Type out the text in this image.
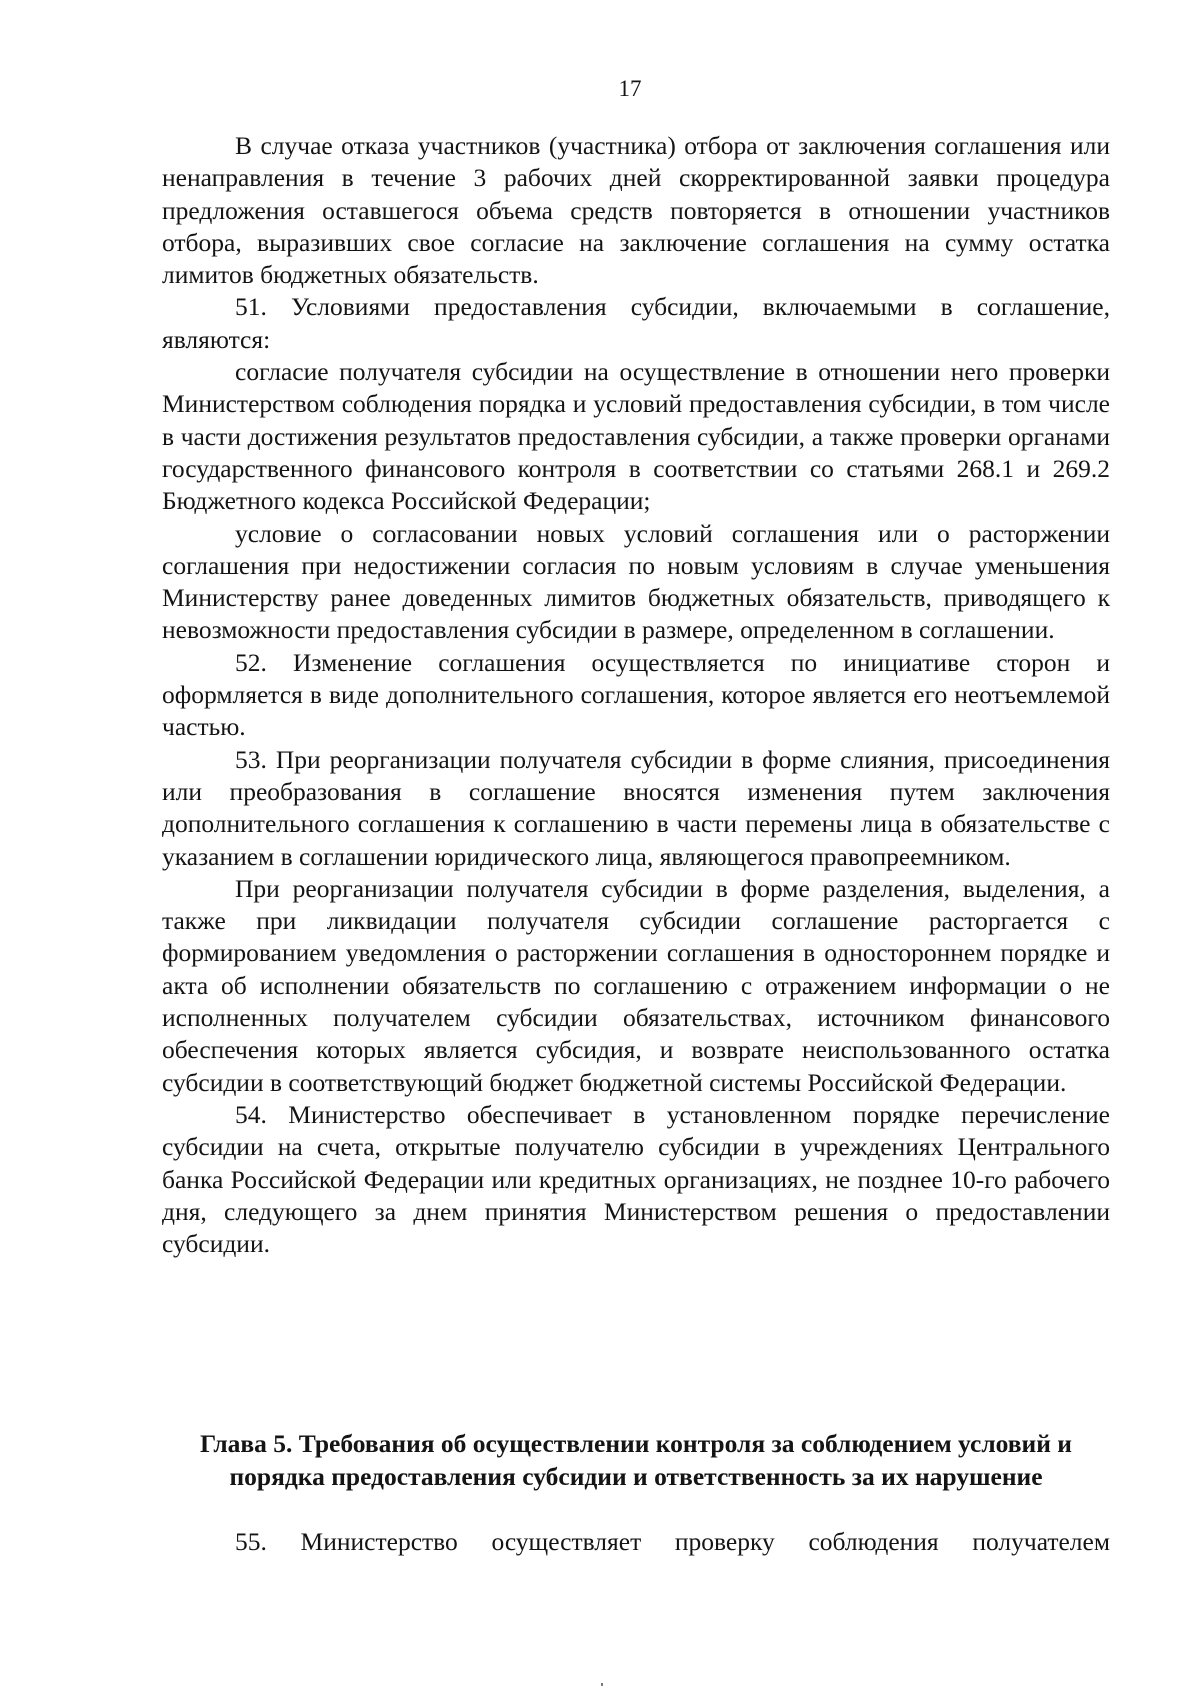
17

В случае отказа участников (участника) отбора от заключения соглашения или ненаправления в течение 3 рабочих дней скорректированной заявки процедура предложения оставшегося объема средств повторяется в отношении участников отбора, выразивших свое согласие на заключение соглашения на сумму остатка лимитов бюджетных обязательств.

51. Условиями предоставления субсидии, включаемыми в соглашение, являются:

согласие получателя субсидии на осуществление в отношении него проверки Министерством соблюдения порядка и условий предоставления субсидии, в том числе в части достижения результатов предоставления субсидии, а также проверки органами государственного финансового контроля в соответствии со статьями 268.1 и 269.2 Бюджетного кодекса Российской Федерации;

условие о согласовании новых условий соглашения или о расторжении соглашения при недостижении согласия по новым условиям в случае уменьшения Министерству ранее доведенных лимитов бюджетных обязательств, приводящего к невозможности предоставления субсидии в размере, определенном в соглашении.

52. Изменение соглашения осуществляется по инициативе сторон и оформляется в виде дополнительного соглашения, которое является его неотъемлемой частью.

53. При реорганизации получателя субсидии в форме слияния, присоединения или преобразования в соглашение вносятся изменения путем заключения дополнительного соглашения к соглашению в части перемены лица в обязательстве с указанием в соглашении юридического лица, являющегося правопреемником.

При реорганизации получателя субсидии в форме разделения, выделения, а также при ликвидации получателя субсидии соглашение расторгается с формированием уведомления о расторжении соглашения в одностороннем порядке и акта об исполнении обязательств по соглашению с отражением информации о не исполненных получателем субсидии обязательствах, источником финансового обеспечения которых является субсидия, и возврате неиспользованного остатка субсидии в соответствующий бюджет бюджетной системы Российской Федерации.

54. Министерство обеспечивает в установленном порядке перечисление субсидии на счета, открытые получателю субсидии в учреждениях Центрального банка Российской Федерации или кредитных организациях, не позднее 10-го рабочего дня, следующего за днем принятия Министерством решения о предоставлении субсидии.

Глава 5. Требования об осуществлении контроля за соблюдением условий и порядка предоставления субсидии и ответственность за их нарушение

55. Министерство осуществляет проверку соблюдения получателем
